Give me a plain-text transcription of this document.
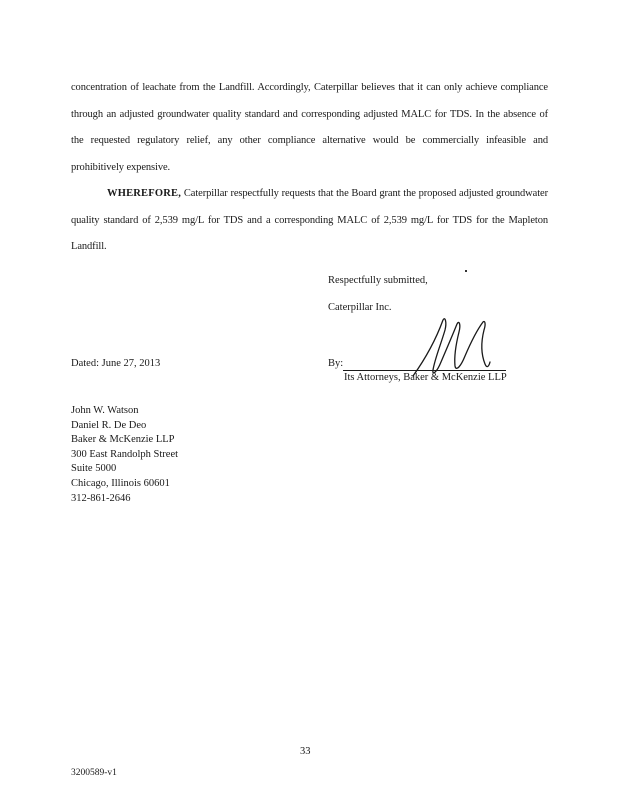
concentration of leachate from the Landfill. Accordingly, Caterpillar believes that it can only achieve compliance through an adjusted groundwater quality standard and corresponding adjusted MALC for TDS. In the absence of the requested regulatory relief, any other compliance alternative would be commercially infeasible and prohibitively expensive.
WHEREFORE, Caterpillar respectfully requests that the Board grant the proposed adjusted groundwater quality standard of 2,539 mg/L for TDS and a corresponding MALC of 2,539 mg/L for TDS for the Mapleton Landfill.
Respectfully submitted,
Caterpillar Inc.
Dated: June 27, 2013	By:
Its Attorneys, Baker & McKenzie LLP
John W. Watson
Daniel R. De Deo
Baker & McKenzie LLP
300 East Randolph Street
Suite 5000
Chicago, Illinois 60601
312-861-2646
33
3200589-v1
